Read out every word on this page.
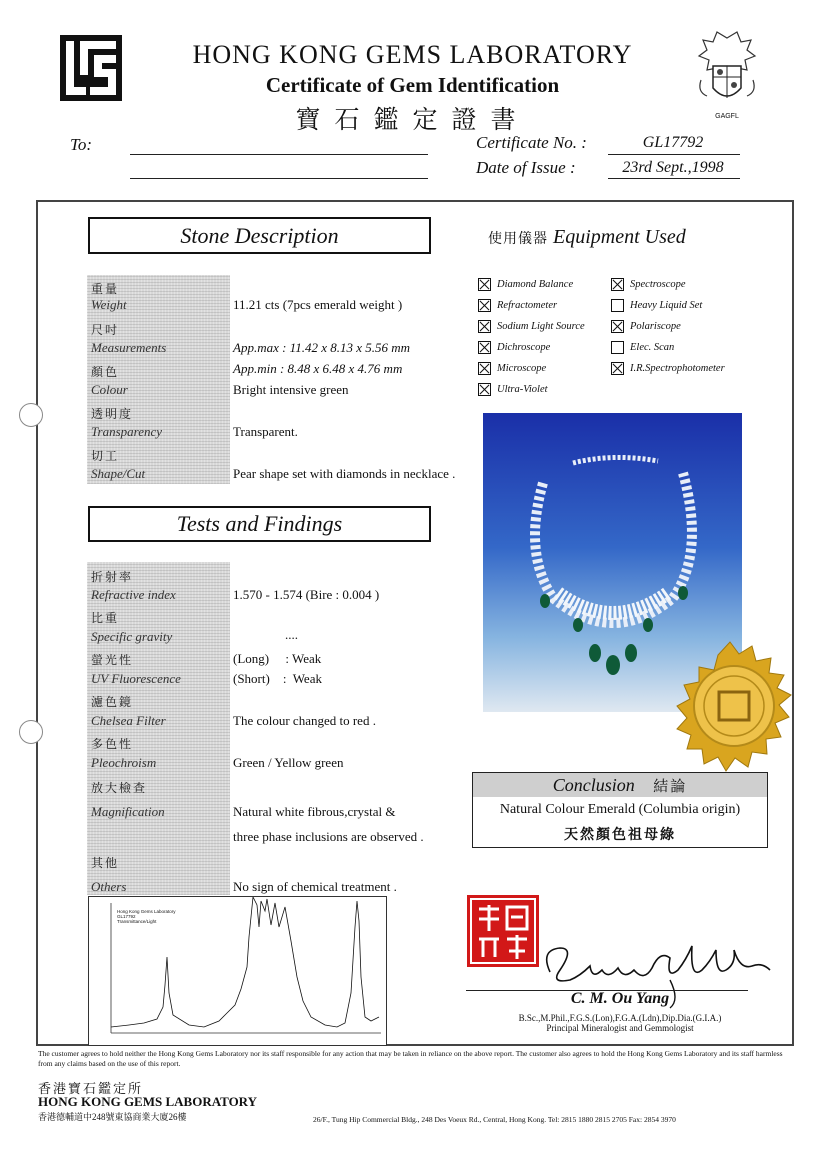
HONG KONG GEMS LABORATORY
Certificate of Gem Identification
寶石鑑定證書	GAGFL
To:	Certificate No. :	GL17792
Date of Issue :	23rd Sept.,1998
Stone Description
重量
Weight	11.21 cts (7pcs emerald weight )
尺吋
Measurements	App.max : 11.42 x 8.13 x 5.56 mm
App.min : 8.48 x 6.48 x 4.76 mm
顏色
Colour	Bright intensive green
透明度
Transparency	Transparent.
切工
Shape/Cut	Pear shape set with diamonds in necklace .
使用儀器 Equipment Used
Diamond Balance
Refractometer
Sodium Light Source
Dichroscope
Microscope
Ultra-Violet
Spectroscope
Heavy Liquid Set
Polariscope
Elec. Scan
I.R.Spectrophotometer
Conclusion 結論
Natural Colour Emerald (Columbia origin)
天然顏色祖母綠
Tests and Findings
折射率
Refractive index	1.570 - 1.574 (Bire : 0.004 )
比重
Specific gravity	....
螢光性
UV Fluorescence
(Long)     : Weak
(Short)    :  Weak
濾色鏡
Chelsea Filter	The colour changed to red .
多色性
Pleochroism	Green / Yellow green
放大檢查
Magnification	Natural white fibrous,crystal &
three phase inclusions are observed .
其他
Others	No sign of chemical treatment .
Hong Kong Gems Laboratory
GL17792
Transmittance/Light
C. M. Ou Yang
B.Sc.,M.Phil.,F.G.S.(Lon),F.G.A.(Ldn),Dip.Dia.(G.I.A.)
Principal Mineralogist and Gemmologist
The customer agrees to hold neither the Hong Kong Gems Laboratory nor its staff responsible for any action that may be taken in reliance on the above report. The customer also agrees to hold the Hong Kong Gems Laboratory and its staff harmless from any claims based on the use of this report.
香港寶石鑑定所
HONG KONG GEMS LABORATORY
香港德輔道中248號東協商業大廈26樓	26/F., Tung Hip Commercial Bldg., 248 Des Voeux Rd., Central, Hong Kong. Tel: 2815 1880 2815 2705 Fax: 2854 3970
